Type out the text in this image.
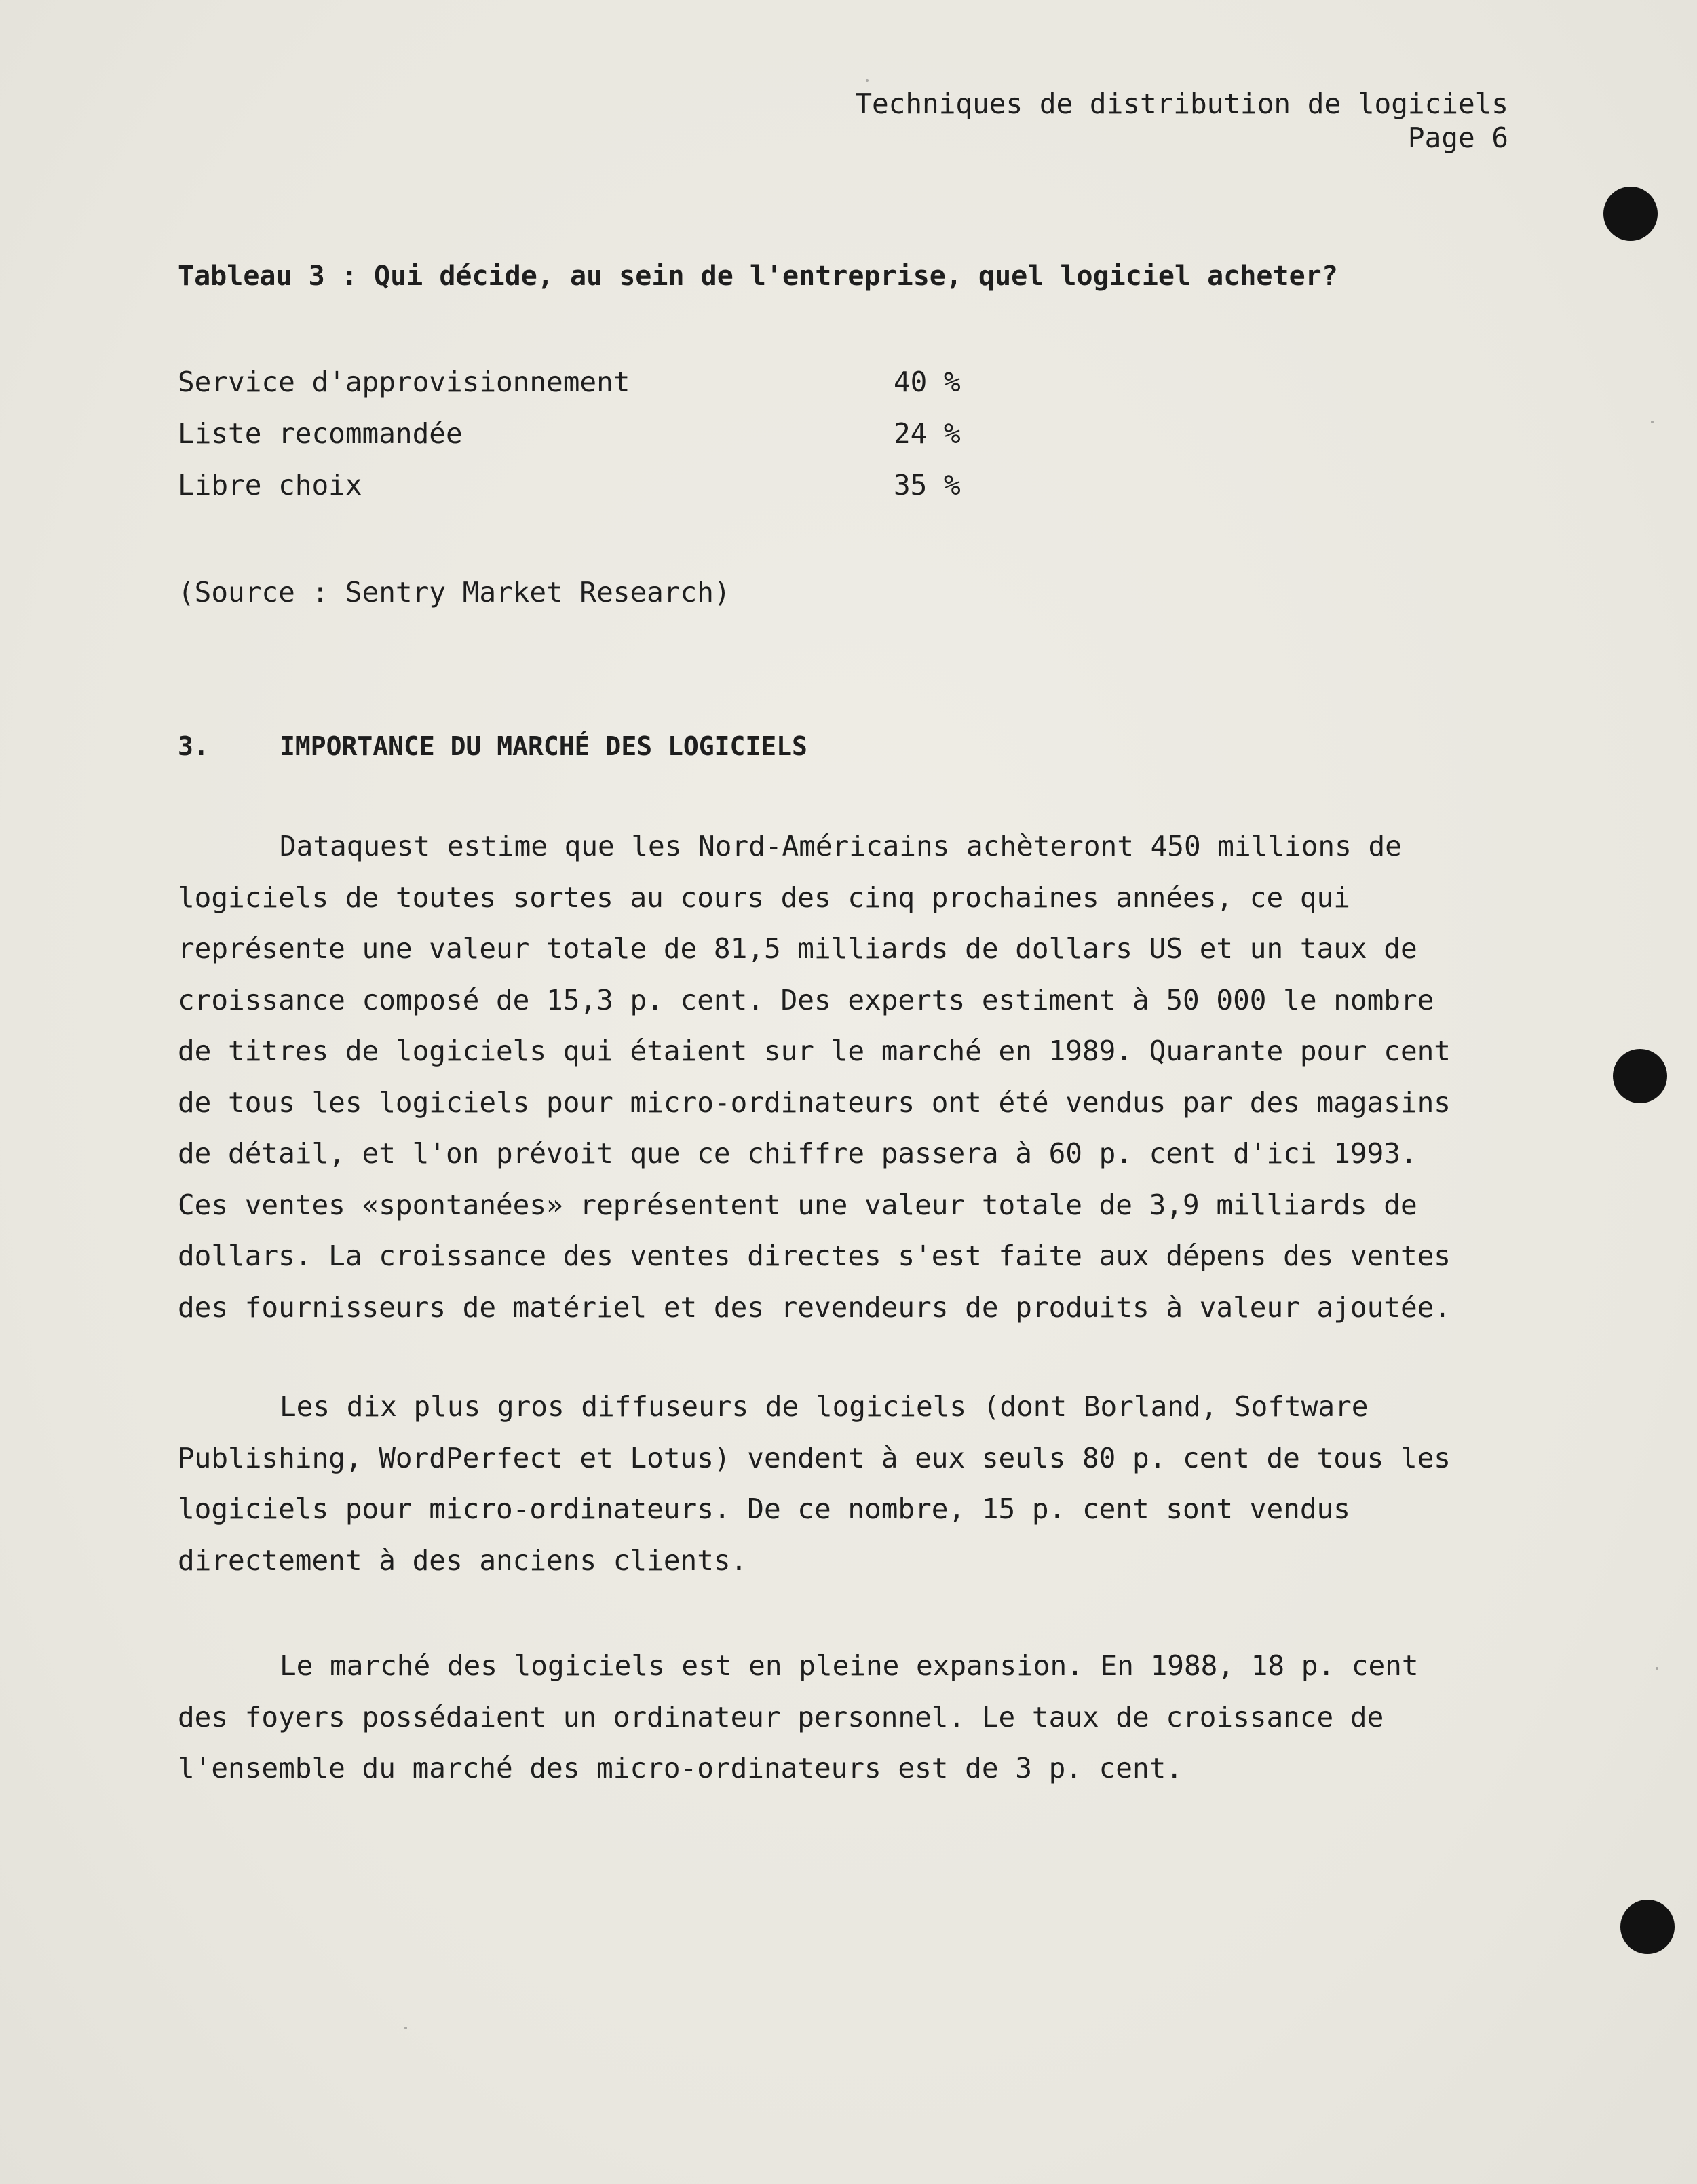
Techniques de distribution de logiciels
Page 6
Tableau 3 : Qui décide, au sein de l'entreprise, quel logiciel acheter?
Service d'approvisionnement	40 %
Liste recommandée	24 %
Libre choix	35 %
(Source : Sentry Market Research)
3.	IMPORTANCE DU MARCHÉ DES LOGICIELS
Dataquest estime que les Nord-Américains achèteront 450 millions de
logiciels de toutes sortes au cours des cinq prochaines années, ce qui
représente une valeur totale de 81,5 milliards de dollars US et un taux de
croissance composé de 15,3 p. cent. Des experts estiment à 50 000 le nombre
de titres de logiciels qui étaient sur le marché en 1989. Quarante pour cent
de tous les logiciels pour micro-ordinateurs ont été vendus par des magasins
de détail, et l'on prévoit que ce chiffre passera à 60 p. cent d'ici 1993.
Ces ventes «spontanées» représentent une valeur totale de 3,9 milliards de
dollars. La croissance des ventes directes s'est faite aux dépens des ventes
des fournisseurs de matériel et des revendeurs de produits à valeur ajoutée.
Les dix plus gros diffuseurs de logiciels (dont Borland, Software
Publishing, WordPerfect et Lotus) vendent à eux seuls 80 p. cent de tous les
logiciels pour micro-ordinateurs. De ce nombre, 15 p. cent sont vendus
directement à des anciens clients.
Le marché des logiciels est en pleine expansion. En 1988, 18 p. cent
des foyers possédaient un ordinateur personnel. Le taux de croissance de
l'ensemble du marché des micro-ordinateurs est de 3 p. cent.
